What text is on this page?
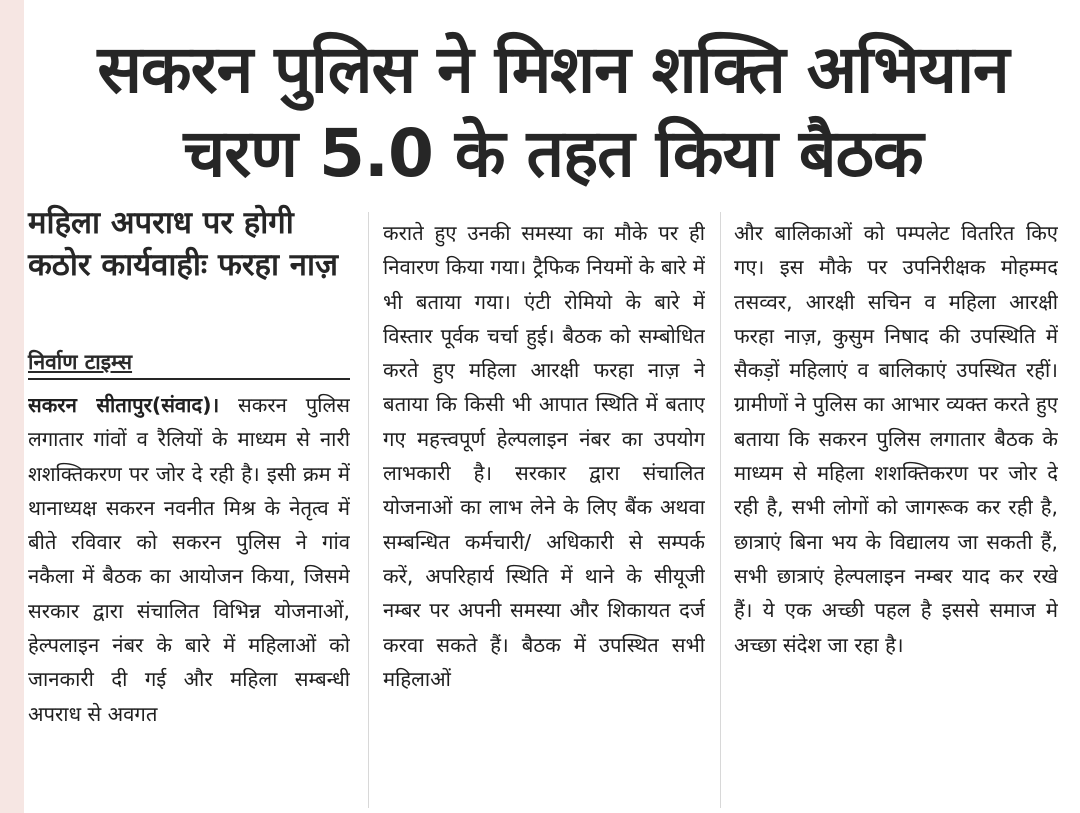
सकरन पुलिस ने मिशन शक्ति अभियान
चरण 5.0 के तहत किया बैठक
महिला अपराध पर होगी कठोर कार्यवाहीः फरहा नाज़
निर्वाण टाइम्स

सकरन सीतापुर(संवाद)। सकरन पुलिस लगातार गांवों व रैलियों के माध्यम से नारी शशक्तिकरण पर जोर दे रही है। इसी क्रम में थानाध्यक्ष सकरन नवनीत मिश्र के नेतृत्व में बीते रविवार को सकरन पुलिस ने गांव नकैला में बैठक का आयोजन किया, जिसमे सरकार द्वारा संचालित विभिन्न योजनाओं, हेल्पलाइन नंबर के बारे में महिलाओं को जानकारी दी गई और महिला सम्बन्धी अपराध से अवगत

कराते हुए उनकी समस्या का मौके पर ही निवारण किया गया। ट्रैफिक नियमों के बारे में भी बताया गया। एंटी रोमियो के बारे में विस्तार पूर्वक चर्चा हुई। बैठक को सम्बोधित करते हुए महिला आरक्षी फरहा नाज़ ने बताया कि किसी भी आपात स्थिति में बताए गए महत्त्वपूर्ण हेल्पलाइन नंबर का उपयोग लाभकारी है। सरकार द्वारा संचालित योजनाओं का लाभ लेने के लिए बैंक अथवा सम्बन्धित कर्मचारी/ अधिकारी से सम्पर्क करें, अपरिहार्य स्थिति में थाने के सीयूजी नम्बर पर अपनी समस्या और शिकायत दर्ज करवा सकते हैं। बैठक में उपस्थित सभी महिलाओं

और बालिकाओं को पम्पलेट वितरित किए गए। इस मौके पर उपनिरीक्षक मोहम्मद तसव्वर, आरक्षी सचिन व महिला आरक्षी फरहा नाज़, कुसुम निषाद की उपस्थिति में सैकड़ों महिलाएं व बालिकाएं उपस्थित रहीं। ग्रामीणों ने पुलिस का आभार व्यक्त करते हुए बताया कि सकरन पुलिस लगातार बैठक के माध्यम से महिला शशक्तिकरण पर जोर दे रही है, सभी लोगों को जागरूक कर रही है, छात्राएं बिना भय के विद्यालय जा सकती हैं, सभी छात्राएं हेल्पलाइन नम्बर याद कर रखे हैं। ये एक अच्छी पहल है इससे समाज मे अच्छा संदेश जा रहा है।
